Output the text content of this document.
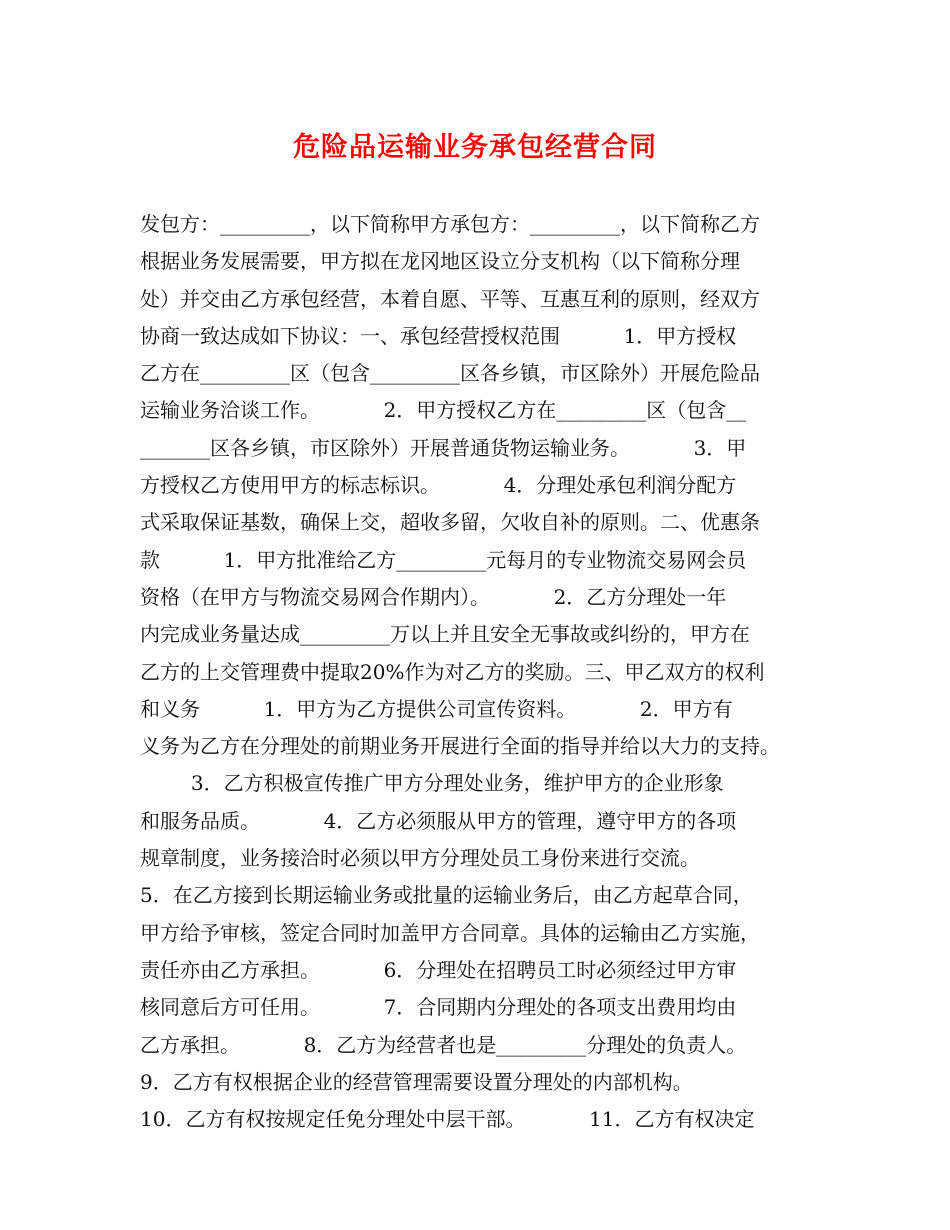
危险品运输业务承包经营合同
发包方：_________，以下简称甲方承包方：_________，以下简称乙方
根据业务发展需要，甲方拟在龙冈地区设立分支机构（以下简称分理
处）并交由乙方承包经营，本着自愿、平等、互惠互利的原则，经双方
协商一致达成如下协议：一、承包经营授权范围          1．甲方授权
乙方在_________区（包含_________区各乡镇，市区除外）开展危险品
运输业务洽谈工作。          2．甲方授权乙方在_________区（包含__
_______区各乡镇，市区除外）开展普通货物运输业务。          3．甲
方授权乙方使用甲方的标志标识。          4．分理处承包利润分配方
式采取保证基数，确保上交，超收多留，欠收自补的原则。二、优惠条
款          1．甲方批准给乙方_________元每月的专业物流交易网会员
资格（在甲方与物流交易网合作期内）。          2．乙方分理处一年
内完成业务量达成_________万以上并且安全无事故或纠纷的，甲方在
乙方的上交管理费中提取20%作为对乙方的奖励。三、甲乙双方的权利
和义务          1．甲方为乙方提供公司宣传资料。          2．甲方有
义务为乙方在分理处的前期业务开展进行全面的指导并给以大力的支持。
3．乙方积极宣传推广甲方分理处业务，维护甲方的企业形象
和服务品质。          4．乙方必须服从甲方的管理，遵守甲方的各项
规章制度，业务接洽时必须以甲方分理处员工身份来进行交流。
5．在乙方接到长期运输业务或批量的运输业务后，由乙方起草合同，
甲方给予审核，签定合同时加盖甲方合同章。具体的运输由乙方实施，
责任亦由乙方承担。          6．分理处在招聘员工时必须经过甲方审
核同意后方可任用。          7．合同期内分理处的各项支出费用均由
乙方承担。          8．乙方为经营者也是_________分理处的负责人。
9．乙方有权根据企业的经营管理需要设置分理处的内部机构。
10．乙方有权按规定任免分理处中层干部。          11．乙方有权决定
